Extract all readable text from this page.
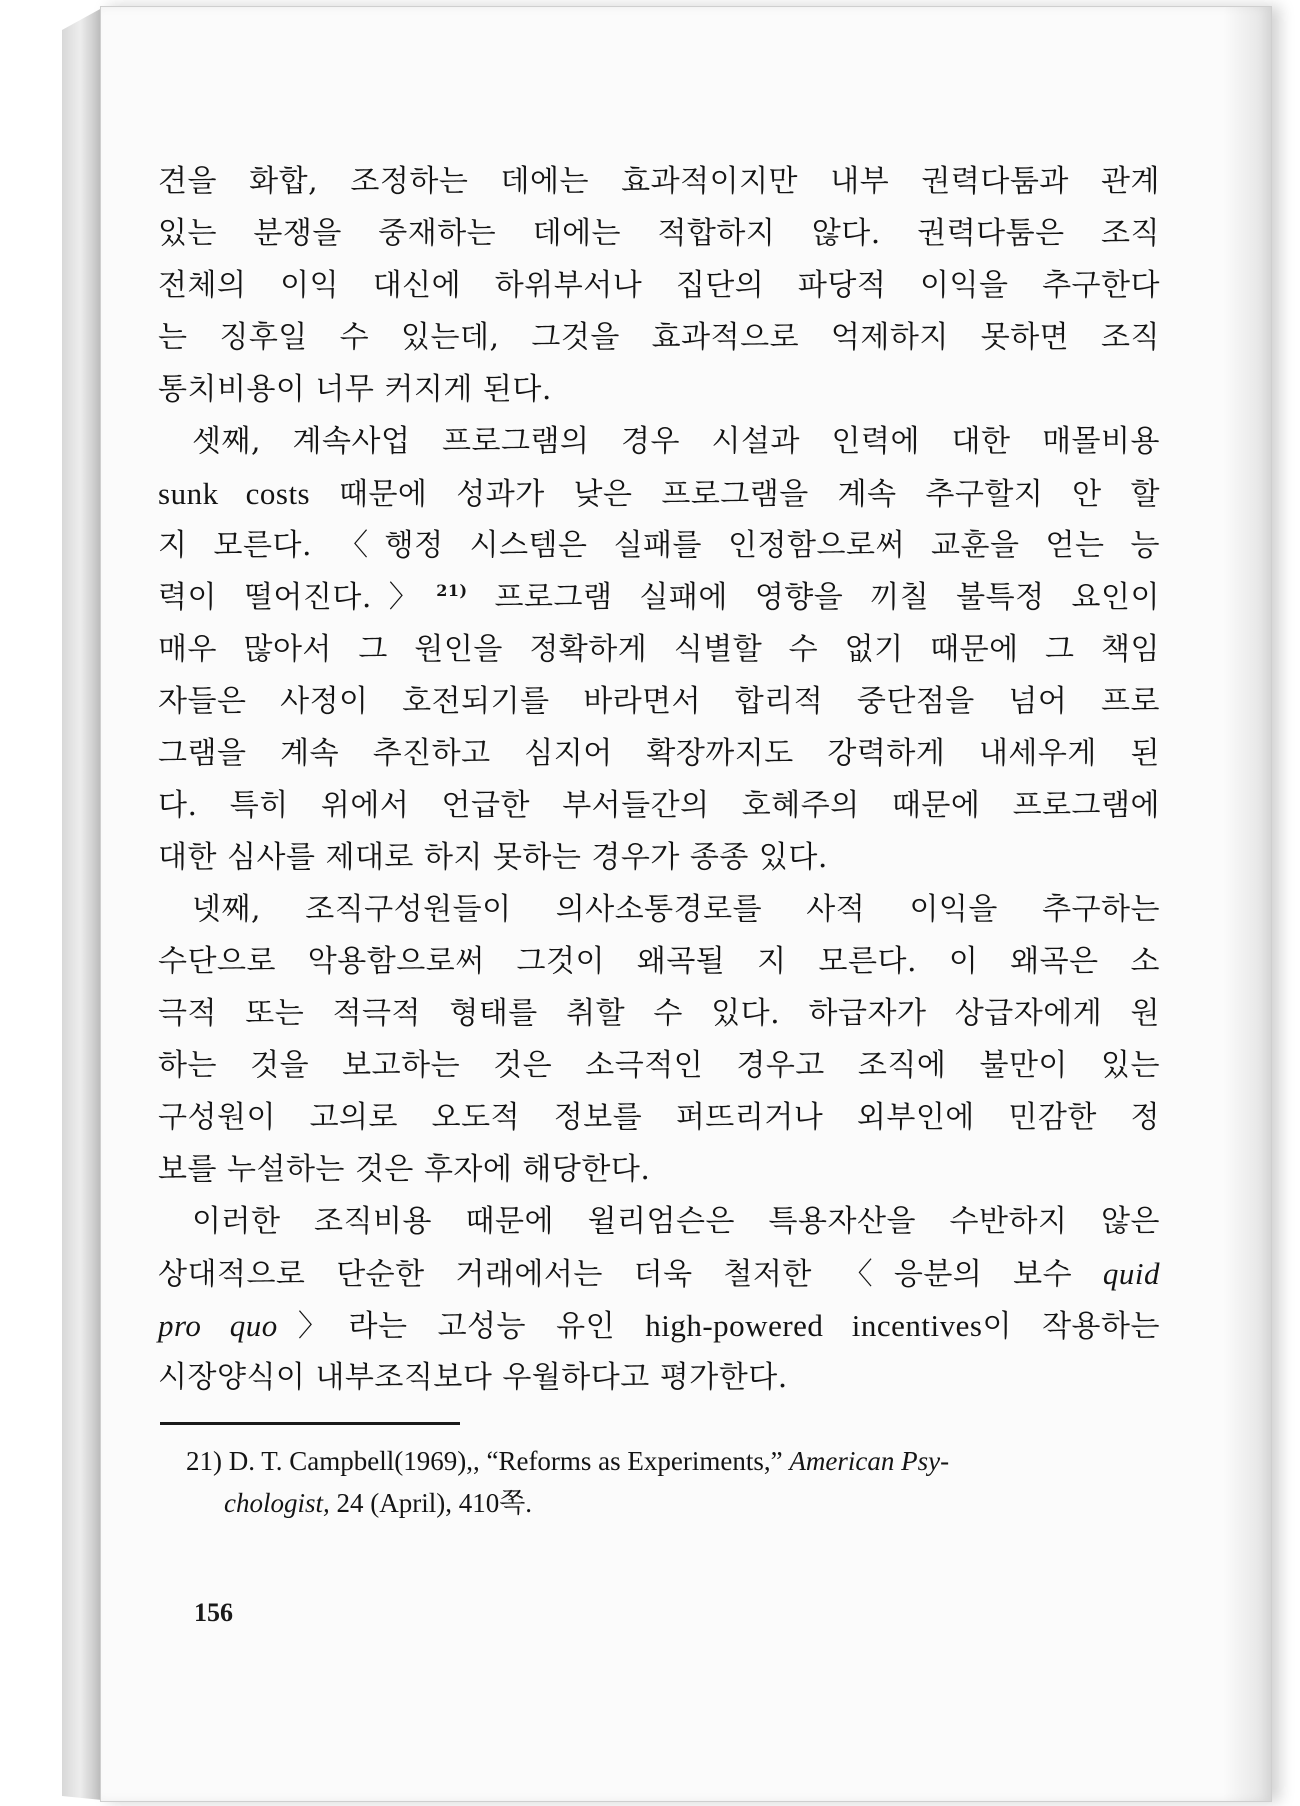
견을 화합, 조정하는 데에는 효과적이지만 내부 권력다툼과 관계
있는 분쟁을 중재하는 데에는 적합하지 않다. 권력다툼은 조직
전체의 이익 대신에 하위부서나 집단의 파당적 이익을 추구한다
는 징후일 수 있는데, 그것을 효과적으로 억제하지 못하면 조직
통치비용이 너무 커지게 된다.
셋째, 계속사업 프로그램의 경우 시설과 인력에 대한 매몰비용
sunk costs 때문에 성과가 낮은 프로그램을 계속 추구할지 안 할
지 모른다. 〈행정 시스템은 실패를 인정함으로써 교훈을 얻는 능
력이 떨어진다.〉$^{21)}$ 프로그램 실패에 영향을 끼칠 불특정 요인이
매우 많아서 그 원인을 정확하게 식별할 수 없기 때문에 그 책임
자들은 사정이 호전되기를 바라면서 합리적 중단점을 넘어 프로
그램을 계속 추진하고 심지어 확장까지도 강력하게 내세우게 된
다. 특히 위에서 언급한 부서들간의 호혜주의 때문에 프로그램에
대한 심사를 제대로 하지 못하는 경우가 종종 있다.
넷째, 조직구성원들이 의사소통경로를 사적 이익을 추구하는
수단으로 악용함으로써 그것이 왜곡될 지 모른다. 이 왜곡은 소
극적 또는 적극적 형태를 취할 수 있다. 하급자가 상급자에게 원
하는 것을 보고하는 것은 소극적인 경우고 조직에 불만이 있는
구성원이 고의로 오도적 정보를 퍼뜨리거나 외부인에 민감한 정
보를 누설하는 것은 후자에 해당한다.
이러한 조직비용 때문에 윌리엄슨은 특용자산을 수반하지 않은
상대적으로 단순한 거래에서는 더욱 철저한 〈응분의 보수 quid
pro quo〉라는 고성능 유인 high-powered incentives이 작용하는
시장양식이 내부조직보다 우월하다고 평가한다.
21) D. T. Campbell(1969),, “Reforms as Experiments,” American Psy-
chologist, 24 (April), 410쪽.
156
